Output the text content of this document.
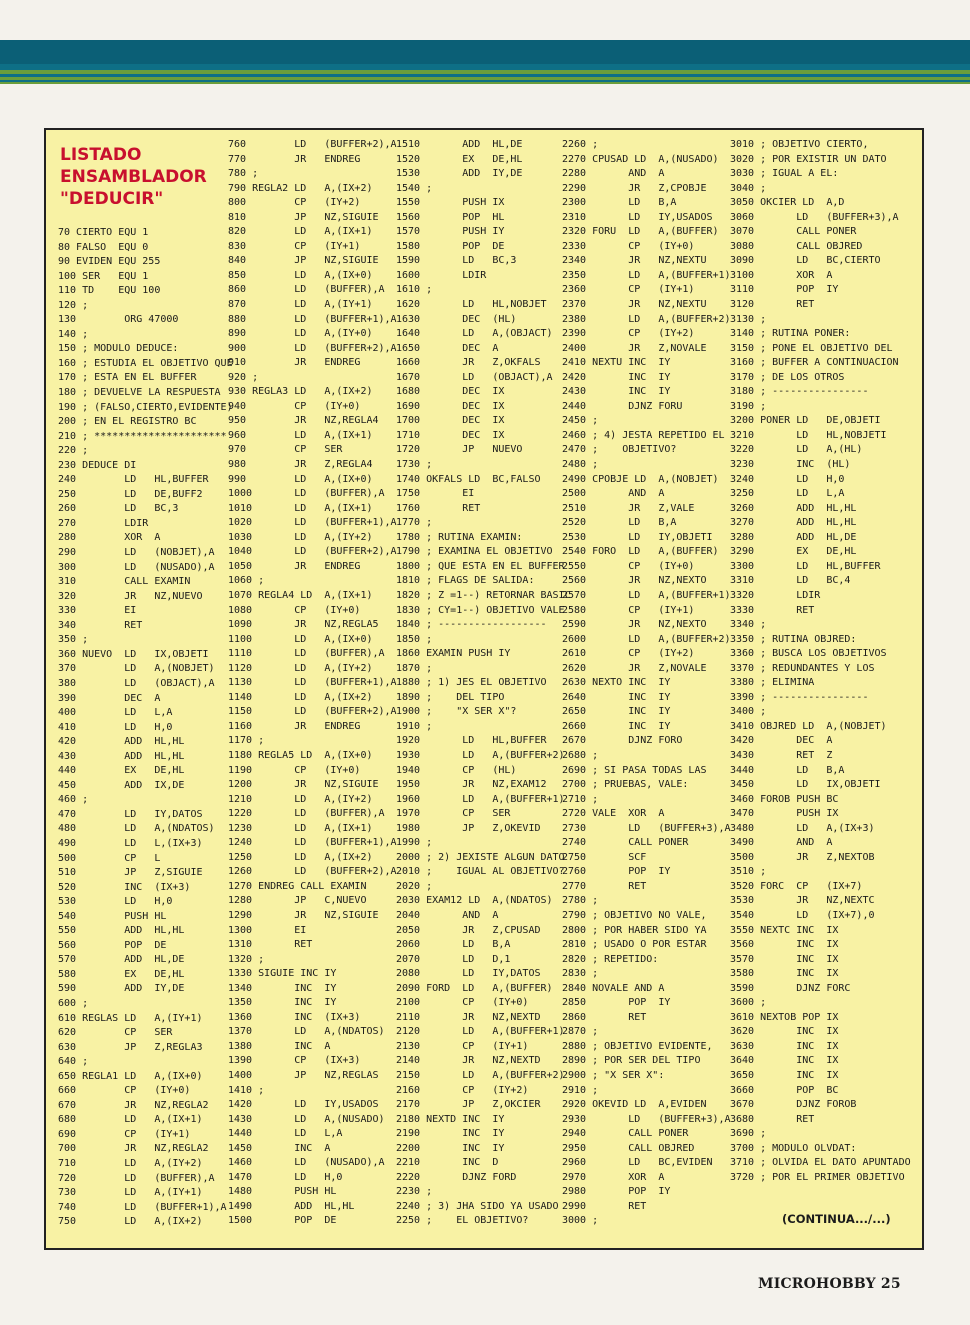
LISTADO
ENSAMBLADOR
"DEDUCIR"
70 CIERTO EQU 1
80 FALSO  EQU 0
90 EVIDEN EQU 255
100 SER   EQU 1
110 TD    EQU 100
120 ;
130        ORG 47000
140 ;
150 ; MODULO DEDUCE:
160 ; ESTUDIA EL OBJETIVO QUE
170 ; ESTA EN EL BUFFER
180 ; DEVUELVE LA RESPUESTA
190 ; (FALSO,CIERTO,EVIDENTE)
200 ; EN EL REGISTRO BC
210 ; **********************
220 ;
230 DEDUCE DI
240        LD   HL,BUFFER
250        LD   DE,BUFF2
260        LD   BC,3
270        LDIR
280        XOR  A
290        LD   (NOBJET),A
300        LD   (NUSADO),A
310        CALL EXAMIN
320        JR   NZ,NUEVO
330        EI
340        RET
350 ;
360 NUEVO  LD   IX,OBJETI
370        LD   A,(NOBJET)
380        LD   (OBJACT),A
390        DEC  A
400        LD   L,A
410        LD   H,0
420        ADD  HL,HL
430        ADD  HL,HL
440        EX   DE,HL
450        ADD  IX,DE
460 ;
470        LD   IY,DATOS
480        LD   A,(NDATOS)
490        LD   L,(IX+3)
500        CP   L
510        JP   Z,SIGUIE
520        INC  (IX+3)
530        LD   H,0
540        PUSH HL
550        ADD  HL,HL
560        POP  DE
570        ADD  HL,DE
580        EX   DE,HL
590        ADD  IY,DE
600 ;
610 REGLAS LD   A,(IY+1)
620        CP   SER
630        JP   Z,REGLA3
640 ;
650 REGLA1 LD   A,(IX+0)
660        CP   (IY+0)
670        JR   NZ,REGLA2
680        LD   A,(IX+1)
690        CP   (IY+1)
700        JR   NZ,REGLA2
710        LD   A,(IY+2)
720        LD   (BUFFER),A
730        LD   A,(IY+1)
740        LD   (BUFFER+1),A
750        LD   A,(IX+2)
760        LD   (BUFFER+2),A
770        JR   ENDREG
780 ;
790 REGLA2 LD   A,(IX+2)
800        CP   (IY+2)
810        JP   NZ,SIGUIE
820        LD   A,(IX+1)
830        CP   (IY+1)
840        JP   NZ,SIGUIE
850        LD   A,(IX+0)
860        LD   (BUFFER),A
870        LD   A,(IY+1)
880        LD   (BUFFER+1),A
890        LD   A,(IY+0)
900        LD   (BUFFER+2),A
910        JR   ENDREG
920 ;
930 REGLA3 LD   A,(IX+2)
940        CP   (IY+0)
950        JR   NZ,REGLA4
960        LD   A,(IX+1)
970        CP   SER
980        JR   Z,REGLA4
990        LD   A,(IX+0)
1000       LD   (BUFFER),A
1010       LD   A,(IX+1)
1020       LD   (BUFFER+1),A
1030       LD   A,(IY+2)
1040       LD   (BUFFER+2),A
1050       JR   ENDREG
1060 ;
1070 REGLA4 LD  A,(IX+1)
1080       CP   (IY+0)
1090       JR   NZ,REGLA5
1100       LD   A,(IX+0)
1110       LD   (BUFFER),A
1120       LD   A,(IY+2)
1130       LD   (BUFFER+1),A
1140       LD   A,(IX+2)
1150       LD   (BUFFER+2),A
1160       JR   ENDREG
1170 ;
1180 REGLA5 LD  A,(IX+0)
1190       CP   (IY+0)
1200       JR   NZ,SIGUIE
1210       LD   A,(IY+2)
1220       LD   (BUFFER),A
1230       LD   A,(IX+1)
1240       LD   (BUFFER+1),A
1250       LD   A,(IX+2)
1260       LD   (BUFFER+2),A
1270 ENDREG CALL EXAMIN
1280       JP   C,NUEVO
1290       JR   NZ,SIGUIE
1300       EI
1310       RET
1320 ;
1330 SIGUIE INC IY
1340       INC  IY
1350       INC  IY
1360       INC  (IX+3)
1370       LD   A,(NDATOS)
1380       INC  A
1390       CP   (IX+3)
1400       JP   NZ,REGLAS
1410 ;
1420       LD   IY,USADOS
1430       LD   A,(NUSADO)
1440       LD   L,A
1450       INC  A
1460       LD   (NUSADO),A
1470       LD   H,0
1480       PUSH HL
1490       ADD  HL,HL
1500       POP  DE
1510       ADD  HL,DE
1520       EX   DE,HL
1530       ADD  IY,DE
1540 ;
1550       PUSH IX
1560       POP  HL
1570       PUSH IY
1580       POP  DE
1590       LD   BC,3
1600       LDIR
1610 ;
1620       LD   HL,NOBJET
1630       DEC  (HL)
1640       LD   A,(OBJACT)
1650       DEC  A
1660       JR   Z,OKFALS
1670       LD   (OBJACT),A
1680       DEC  IX
1690       DEC  IX
1700       DEC  IX
1710       DEC  IX
1720       JP   NUEVO
1730 ;
1740 OKFALS LD  BC,FALSO
1750       EI
1760       RET
1770 ;
1780 ; RUTINA EXAMIN:
1790 ; EXAMINA EL OBJETIVO
1800 ; QUE ESTA EN EL BUFFER
1810 ; FLAGS DE SALIDA:
1820 ; Z =1--) RETORNAR BASIC
1830 ; CY=1--) OBJETIVO VALE
1840 ; ------------------
1850 ;
1860 EXAMIN PUSH IY
1870 ;
1880 ; 1) JES EL OBJETIVO
1890 ;    DEL TIPO
1900 ;    "X SER X"?
1910 ;
1920       LD   HL,BUFFER
1930       LD   A,(BUFFER+2)
1940       CP   (HL)
1950       JR   NZ,EXAM12
1960       LD   A,(BUFFER+1)
1970       CP   SER
1980       JP   Z,OKEVID
1990 ;
2000 ; 2) JEXISTE ALGUN DATO
2010 ;    IGUAL AL OBJETIVO?
2020 ;
2030 EXAM12 LD  A,(NDATOS)
2040       AND  A
2050       JR   Z,CPUSAD
2060       LD   B,A
2070       LD   D,1
2080       LD   IY,DATOS
2090 FORD  LD   A,(BUFFER)
2100       CP   (IY+0)
2110       JR   NZ,NEXTD
2120       LD   A,(BUFFER+1)
2130       CP   (IY+1)
2140       JR   NZ,NEXTD
2150       LD   A,(BUFFER+2)
2160       CP   (IY+2)
2170       JP   Z,OKCIER
2180 NEXTD INC  IY
2190       INC  IY
2200       INC  IY
2210       INC  D
2220       DJNZ FORD
2230 ;
2240 ; 3) JHA SIDO YA USADO
2250 ;    EL OBJETIVO?
2260 ;
2270 CPUSAD LD  A,(NUSADO)
2280       AND  A
2290       JR   Z,CPOBJE
2300       LD   B,A
2310       LD   IY,USADOS
2320 FORU  LD   A,(BUFFER)
2330       CP   (IY+0)
2340       JR   NZ,NEXTU
2350       LD   A,(BUFFER+1)
2360       CP   (IY+1)
2370       JR   NZ,NEXTU
2380       LD   A,(BUFFER+2)
2390       CP   (IY+2)
2400       JR   Z,NOVALE
2410 NEXTU INC  IY
2420       INC  IY
2430       INC  IY
2440       DJNZ FORU
2450 ;
2460 ; 4) JESTA REPETIDO EL
2470 ;    OBJETIVO?
2480 ;
2490 CPOBJE LD  A,(NOBJET)
2500       AND  A
2510       JR   Z,VALE
2520       LD   B,A
2530       LD   IY,OBJETI
2540 FORO  LD   A,(BUFFER)
2550       CP   (IY+0)
2560       JR   NZ,NEXTO
2570       LD   A,(BUFFER+1)
2580       CP   (IY+1)
2590       JR   NZ,NEXTO
2600       LD   A,(BUFFER+2)
2610       CP   (IY+2)
2620       JR   Z,NOVALE
2630 NEXTO INC  IY
2640       INC  IY
2650       INC  IY
2660       INC  IY
2670       DJNZ FORO
2680 ;
2690 ; SI PASA TODAS LAS
2700 ; PRUEBAS, VALE:
2710 ;
2720 VALE  XOR  A
2730       LD   (BUFFER+3),A
2740       CALL PONER
2750       SCF
2760       POP  IY
2770       RET
2780 ;
2790 ; OBJETIVO NO VALE,
2800 ; POR HABER SIDO YA
2810 ; USADO O POR ESTAR
2820 ; REPETIDO:
2830 ;
2840 NOVALE AND A
2850       POP  IY
2860       RET
2870 ;
2880 ; OBJETIVO EVIDENTE,
2890 ; POR SER DEL TIPO
2900 ; "X SER X":
2910 ;
2920 OKEVID LD  A,EVIDEN
2930       LD   (BUFFER+3),A
2940       CALL PONER
2950       CALL OBJRED
2960       LD   BC,EVIDEN
2970       XOR  A
2980       POP  IY
2990       RET
3000 ;
3010 ; OBJETIVO CIERTO,
3020 ; POR EXISTIR UN DATO
3030 ; IGUAL A EL:
3040 ;
3050 OKCIER LD  A,D
3060       LD   (BUFFER+3),A
3070       CALL PONER
3080       CALL OBJRED
3090       LD   BC,CIERTO
3100       XOR  A
3110       POP  IY
3120       RET
3130 ;
3140 ; RUTINA PONER:
3150 ; PONE EL OBJETIVO DEL
3160 ; BUFFER A CONTINUACION
3170 ; DE LOS OTROS
3180 ; ----------------
3190 ;
3200 PONER LD   DE,OBJETI
3210       LD   HL,NOBJETI
3220       LD   A,(HL)
3230       INC  (HL)
3240       LD   H,0
3250       LD   L,A
3260       ADD  HL,HL
3270       ADD  HL,HL
3280       ADD  HL,DE
3290       EX   DE,HL
3300       LD   HL,BUFFER
3310       LD   BC,4
3320       LDIR
3330       RET
3340 ;
3350 ; RUTINA OBJRED:
3360 ; BUSCA LOS OBJETIVOS
3370 ; REDUNDANTES Y LOS
3380 ; ELIMINA
3390 ; ----------------
3400 ;
3410 OBJRED LD  A,(NOBJET)
3420       DEC  A
3430       RET  Z
3440       LD   B,A
3450       LD   IX,OBJETI
3460 FOROB PUSH BC
3470       PUSH IX
3480       LD   A,(IX+3)
3490       AND  A
3500       JR   Z,NEXTOB
3510 ;
3520 FORC  CP   (IX+7)
3530       JR   NZ,NEXTC
3540       LD   (IX+7),0
3550 NEXTC INC  IX
3560       INC  IX
3570       INC  IX
3580       INC  IX
3590       DJNZ FORC
3600 ;
3610 NEXTOB POP IX
3620       INC  IX
3630       INC  IX
3640       INC  IX
3650       INC  IX
3660       POP  BC
3670       DJNZ FOROB
3680       RET
3690 ;
3700 ; MODULO OLVDAT:
3710 ; OLVIDA EL DATO APUNTADO
3720 ; POR EL PRIMER OBJETIVO
(CONTINUA.../...)
MICROHOBBY 25
